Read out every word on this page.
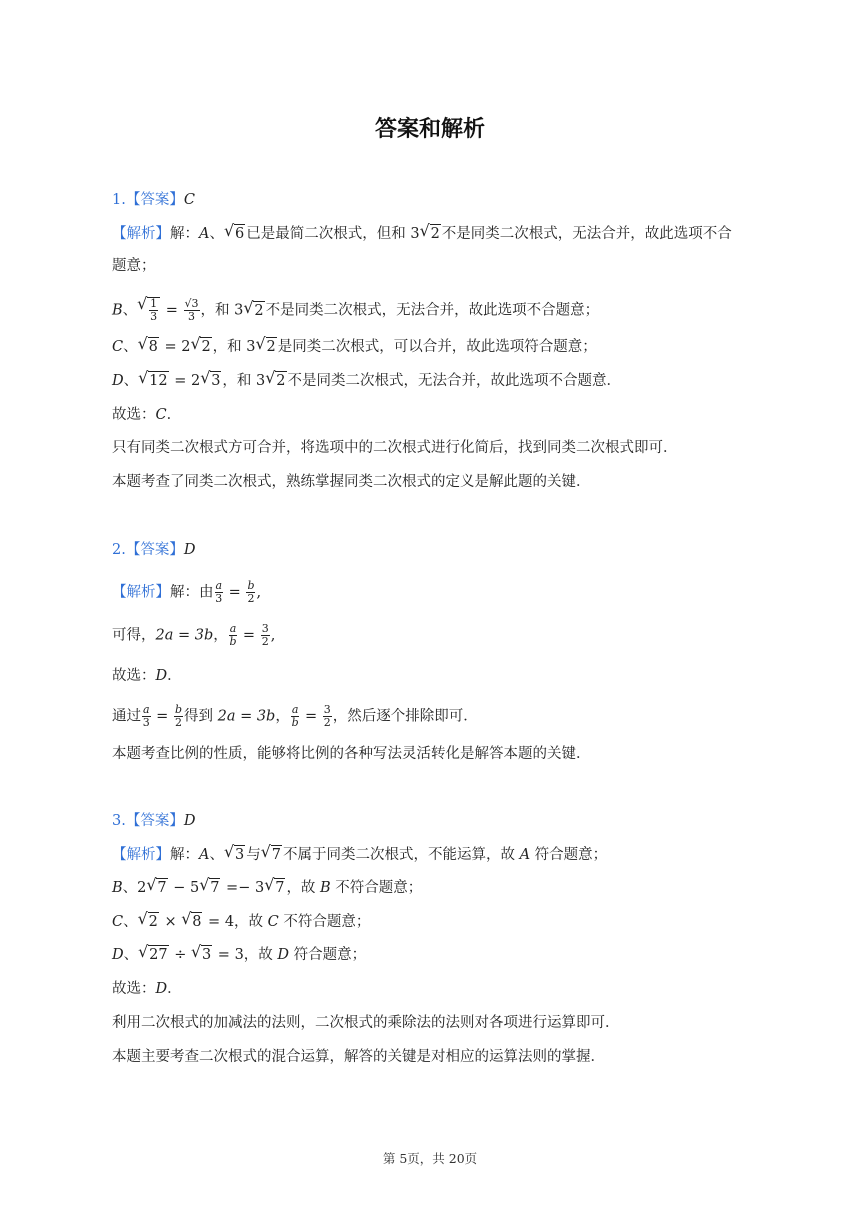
答案和解析
1.【答案】C
【解析】解：A、 √ 6 已是最简二次根式，但和 3 √ 2 不是同类二次根式，无法合并，故此选项不合
题意；
B、 √ $\frac{1}{3} = \frac{√3}{3}$ ，和 3 √ 2 不是同类二次根式，无法合并，故此选项不合题意；
C、 √ 8 = 2 √ 2 ，和 3 √ 2 是同类二次根式，可以合并，故此选项符合题意；
D、 √ 12 = 2 √ 3 ，和 3 √ 2 不是同类二次根式，无法合并，故此选项不合题意．
故选：C．
只有同类二次根式方可合并，将选项中的二次根式进行化简后，找到同类二次根式即可．
本题考查了同类二次根式，熟练掌握同类二次根式的定义是解此题的关键．
2.【答案】D
【解析】解：由 $\frac{a}{3} = \frac{b}{2}$ ,
可得，2a = 3b， $\frac{a}{b} = \frac{3}{2}$ ,
故选：D．
通过 $\frac{a}{3} = \frac{b}{2}$ 得到 2a = 3b， $\frac{a}{b} = \frac{3}{2}$ ，然后逐个排除即可．
本题考查比例的性质，能够将比例的各种写法灵活转化是解答本题的关键．
3.【答案】D
【解析】解：A、 √ 3 与 √ 7 不属于同类二次根式，不能运算，故 A 符合题意；
B、2 √ 7 − 5 √ 7 =− 3 √ 7 ，故 B 不符合题意；
C、 √ 2 × √ 8 = 4，故 C 不符合题意；
D、 √ 27 ÷ √ 3 = 3，故 D 符合题意；
故选：D．
利用二次根式的加减法的法则，二次根式的乘除法的法则对各项进行运算即可．
本题主要考查二次根式的混合运算，解答的关键是对相应的运算法则的掌握．
第 5页，共 20页
